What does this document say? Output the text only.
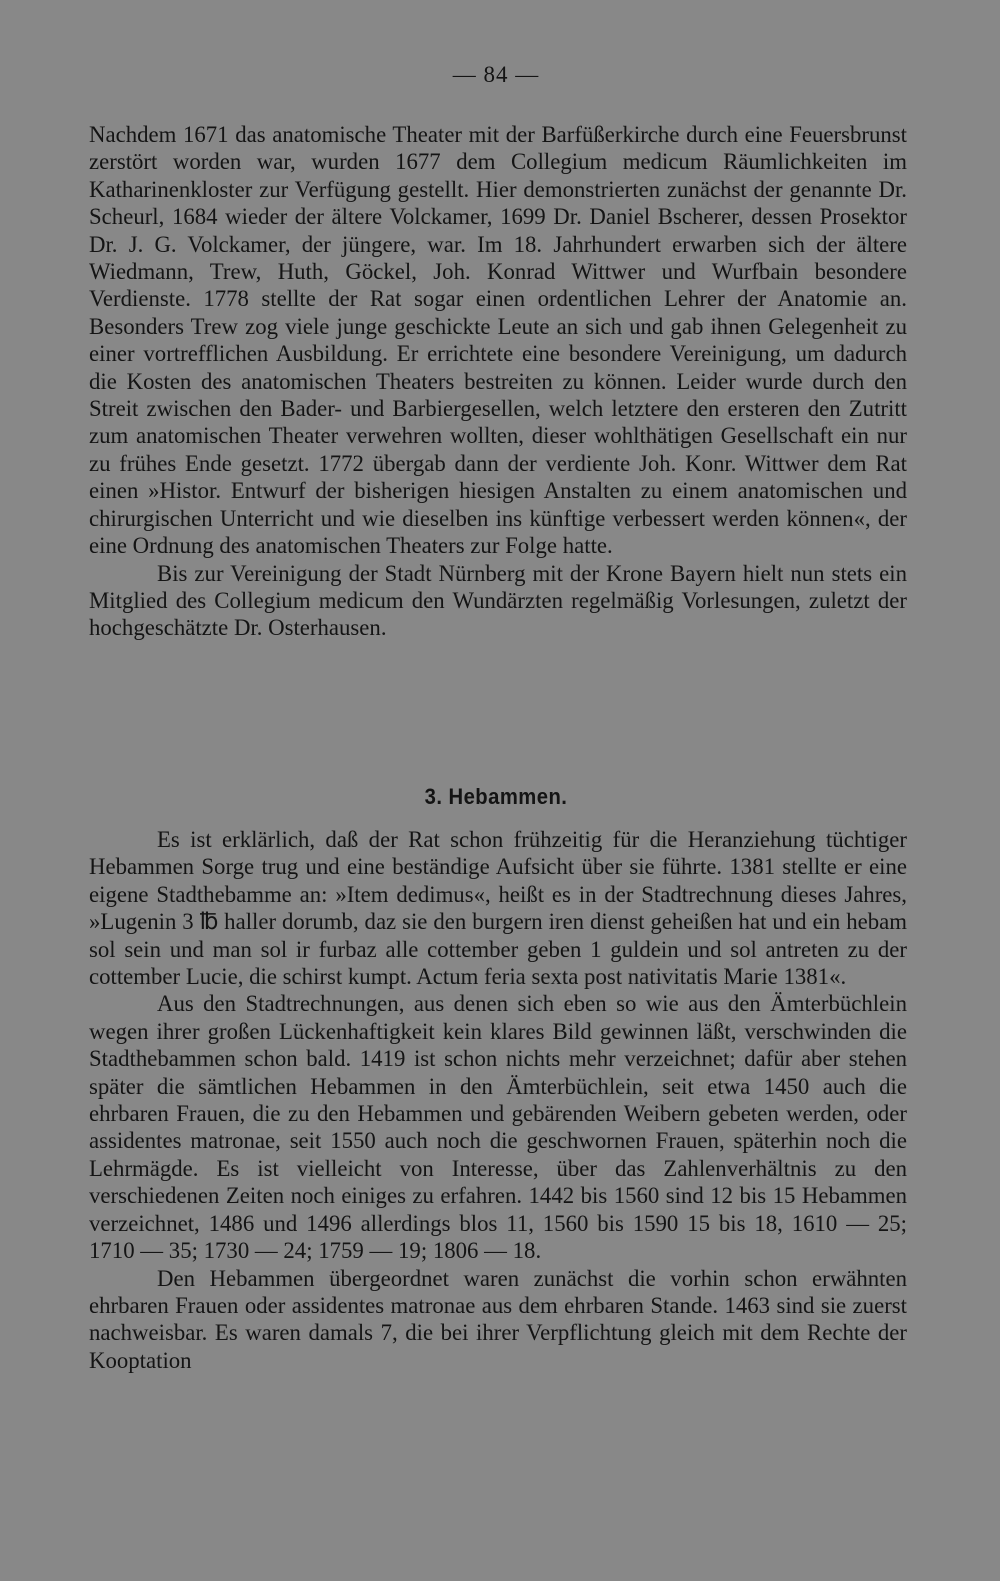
— 84 —

Nachdem 1671 das anatomische Theater mit der Barfüßerkirche durch eine Feuersbrunst zerstört worden war, wurden 1677 dem Collegium medicum Räumlichkeiten im Katharinenkloster zur Verfügung gestellt. Hier demonstrierten zunächst der genannte Dr. Scheurl, 1684 wieder der ältere Volckamer, 1699 Dr. Daniel Bscherer, dessen Prosektor Dr. J. G. Volckamer, der jüngere, war. Im 18. Jahrhundert erwarben sich der ältere Wiedmann, Trew, Huth, Göckel, Joh. Konrad Wittwer und Wurfbain besondere Verdienste. 1778 stellte der Rat sogar einen ordentlichen Lehrer der Anatomie an. Besonders Trew zog viele junge geschickte Leute an sich und gab ihnen Gelegenheit zu einer vortrefflichen Ausbildung. Er errichtete eine besondere Vereinigung, um dadurch die Kosten des anatomischen Theaters bestreiten zu können. Leider wurde durch den Streit zwischen den Bader- und Barbiergesellen, welch letztere den ersteren den Zutritt zum anatomischen Theater verwehren wollten, dieser wohlthätigen Gesellschaft ein nur zu frühes Ende gesetzt. 1772 übergab dann der verdiente Joh. Konr. Wittwer dem Rat einen »Histor. Entwurf der bisherigen hiesigen Anstalten zu einem anatomischen und chirurgischen Unterricht und wie dieselben ins künftige verbessert werden können«, der eine Ordnung des anatomischen Theaters zur Folge hatte.

Bis zur Vereinigung der Stadt Nürnberg mit der Krone Bayern hielt nun stets ein Mitglied des Collegium medicum den Wundärzten regelmäßig Vorlesungen, zuletzt der hochgeschätzte Dr. Osterhausen.

3. Hebammen.

Es ist erklärlich, daß der Rat schon frühzeitig für die Heranziehung tüchtiger Hebammen Sorge trug und eine beständige Aufsicht über sie führte. 1381 stellte er eine eigene Stadthebamme an: »Item dedimus«, heißt es in der Stadtrechnung dieses Jahres, »Lugenin 3 ℔ haller dorumb, daz sie den burgern iren dienst geheißen hat und ein hebam sol sein und man sol ir furbaz alle cottember geben 1 guldein und sol antreten zu der cottember Lucie, die schirst kumpt. Actum feria sexta post nativitatis Marie 1381«.

Aus den Stadtrechnungen, aus denen sich eben so wie aus den Ämterbüchlein wegen ihrer großen Lückenhaftigkeit kein klares Bild gewinnen läßt, verschwinden die Stadthebammen schon bald. 1419 ist schon nichts mehr verzeichnet; dafür aber stehen später die sämtlichen Hebammen in den Ämterbüchlein, seit etwa 1450 auch die ehrbaren Frauen, die zu den Hebammen und gebärenden Weibern gebeten werden, oder assidentes matronae, seit 1550 auch noch die geschwornen Frauen, späterhin noch die Lehrmägde. Es ist vielleicht von Interesse, über das Zahlenverhältnis zu den verschiedenen Zeiten noch einiges zu erfahren. 1442 bis 1560 sind 12 bis 15 Hebammen verzeichnet, 1486 und 1496 allerdings blos 11, 1560 bis 1590 15 bis 18, 1610 — 25; 1710 — 35; 1730 — 24; 1759 — 19; 1806 — 18.

Den Hebammen übergeordnet waren zunächst die vorhin schon erwähnten ehrbaren Frauen oder assidentes matronae aus dem ehrbaren Stande. 1463 sind sie zuerst nachweisbar. Es waren damals 7, die bei ihrer Verpflichtung gleich mit dem Rechte der Kooptation
